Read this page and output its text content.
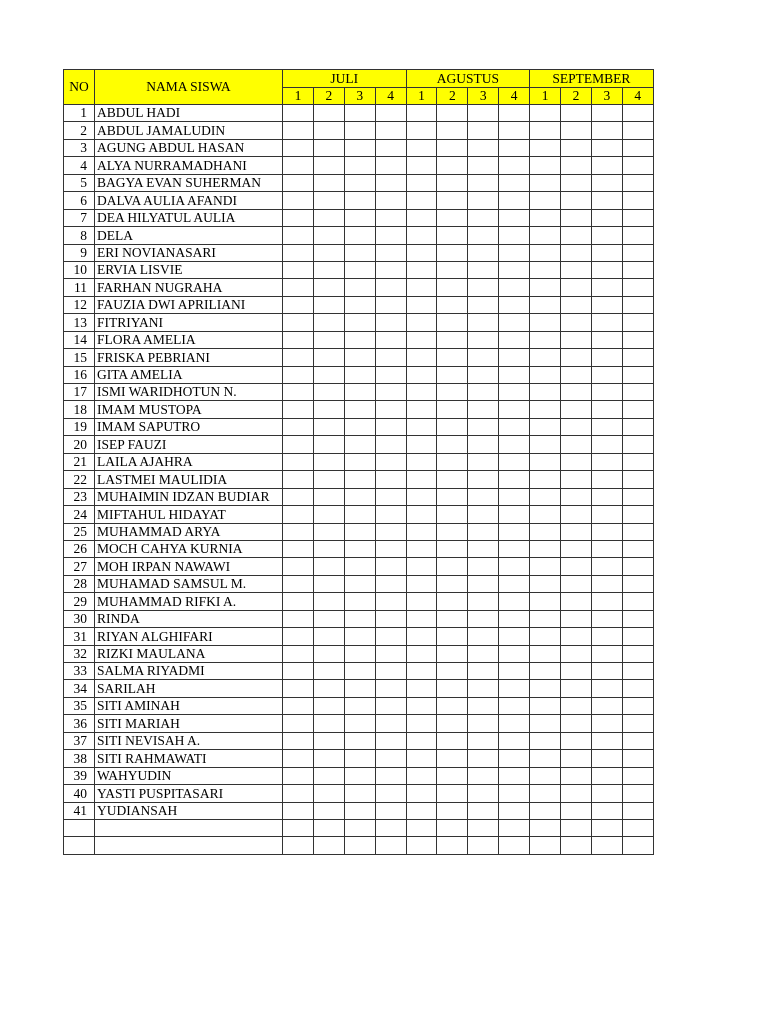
NO	NAMA SISWA	JULI				AGUSTUS				SEPTEMBER			
		1	2	3	4	1	2	3	4	1	2	3	4
1	ABDUL HADI												
2	ABDUL JAMALUDIN												
3	AGUNG ABDUL HASAN												
4	ALYA NURRAMADHANI												
5	BAGYA EVAN SUHERMAN												
6	DALVA AULIA AFANDI												
7	DEA HILYATUL AULIA												
8	DELA												
9	ERI NOVIANASARI												
10	ERVIA LISVIE												
11	FARHAN NUGRAHA												
12	FAUZIA DWI APRILIANI												
13	FITRIYANI												
14	FLORA AMELIA												
15	FRISKA PEBRIANI												
16	GITA AMELIA												
17	ISMI WARIDHOTUN N.												
18	IMAM MUSTOPA												
19	IMAM SAPUTRO												
20	ISEP FAUZI												
21	LAILA AJAHRA												
22	LASTMEI MAULIDIA												
23	MUHAIMIN IDZAN BUDIAR												
24	MIFTAHUL HIDAYAT												
25	MUHAMMAD ARYA												
26	MOCH CAHYA KURNIA												
27	MOH IRPAN NAWAWI												
28	MUHAMAD SAMSUL M.												
29	MUHAMMAD RIFKI A.												
30	RINDA												
31	RIYAN ALGHIFARI												
32	RIZKI MAULANA												
33	SALMA RIYADMI												
34	SARILAH												
35	SITI AMINAH												
36	SITI MARIAH												
37	SITI NEVISAH A.												
38	SITI RAHMAWATI												
39	WAHYUDIN												
40	YASTI PUSPITASARI												
41	YUDIANSAH												
